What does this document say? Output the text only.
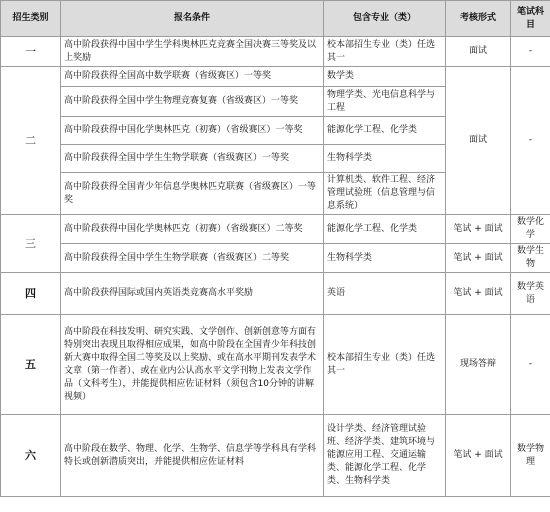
招生类别	报名条件	包含专业（类）	考核形式	笔试科目
一	高中阶段获得中国中学生学科奥林匹克竞赛全国决赛三等奖及以上奖励	校本部招生专业（类）任选其一	面试	-
二	高中阶段获得全国高中数学联赛（省级赛区）一等奖	数学类	面试	-
	高中阶段获得全国中学生物理竞赛复赛（省级赛区）一等奖	物理学类、光电信息科学与工程		
	高中阶段获得中国化学奥林匹克（初赛）（省级赛区）一等奖	能源化学工程、化学类		
	高中阶段获得全国中学生生物学联赛（省级赛区）一等奖	生物科学类		
	高中阶段获得全国青少年信息学奥林匹克联赛（省级赛区）一等奖	计算机类、软件工程、经济管理试验班（信息管理与信息系统）		
三	高中阶段获得中国化学奥林匹克（初赛）（省级赛区）二等奖	能源化学工程、化学类	笔试 + 面试	数学化学
	高中阶段获得全国中学生生物学联赛（省级赛区）二等奖	生物科学类	笔试 + 面试	数学生物
四	高中阶段获得国际或国内英语类竞赛高水平奖励	英语	笔试 + 面试	数学英语
五	高中阶段在科技发明、研究实践、文学创作、创新创意等方面有特别突出表现且取得相应成果，如高中阶段在全国青少年科技创新大赛中取得全国二等奖及以上奖励、或在高水平期刊发表学术文章（第一作者）、或在业内公认高水平文学刊物上发表文学作品（文科考生），并能提供相应佐证材料（须包含10分钟的讲解视频）	校本部招生专业（类）任选其一	现场答辩	-
六	高中阶段在数学、物理、化学、生物学、信息学等学科具有学科特长或创新潜质突出，并能提供相应佐证材料	设计学类、经济管理试验班、经济学类、建筑环境与能源应用工程、交通运输类、能源化学工程、化学类、生物科学类	笔试 + 面试	数学物理
